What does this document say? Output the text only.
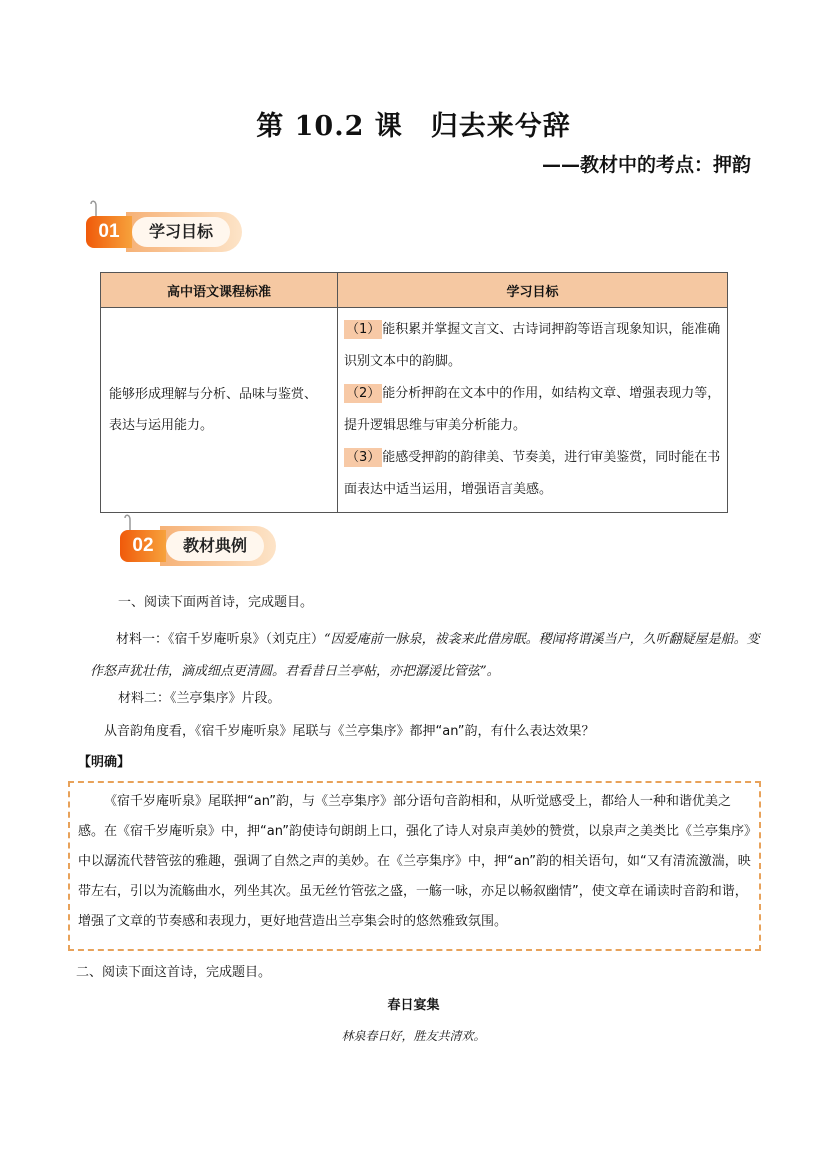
第 10.2 课　归去来兮辞
——教材中的考点：押韵
学习目标
01
高中语文课程标准	学习目标
能够形成理解与分析、品味与鉴赏、表达与运用能力。	（1） 能积累并掌握文言文、古诗词押韵等语言现象知识，能准确识别文本中的韵脚。
（2） 能分析押韵在文本中的作用，如结构文章、增强表现力等，提升逻辑思维与审美分析能力。
（3） 能感受押韵的韵律美、节奏美，进行审美鉴赏，同时能在书面表达中适当运用，增强语言美感。
教材典例
02
一、阅读下面两首诗，完成题目。
材料一：《宿千岁庵听泉》（刘克庄）“因爱庵前一脉泉，祓衾来此借房眠。稷闻将谓溪当户，久听翻疑屋是船。变作怒声犹壮伟，滴成细点更清圆。君看昔日兰亭帖，亦把潺湲比管弦”。
材料二：《兰亭集序》片段。
从音韵角度看，《宿千岁庵听泉》尾联与《兰亭集序》都押“an”韵，有什么表达效果？
【明确】
《宿千岁庵听泉》尾联押“an”韵，与《兰亭集序》部分语句音韵相和，从听觉感受上，都给人一种和谐优美之感。在《宿千岁庵听泉》中，押“an”韵使诗句朗朗上口，强化了诗人对泉声美妙的赞赏，以泉声之美类比《兰亭集序》中以潺流代替管弦的雅趣，强调了自然之声的美妙。在《兰亭集序》中，押“an”韵的相关语句，如“又有清流激湍，映带左右，引以为流觞曲水，列坐其次。虽无丝竹管弦之盛，一觞一咏，亦足以畅叙幽情”，使文章在诵读时音韵和谐，增强了文章的节奏感和表现力，更好地营造出兰亭集会时的悠然雅致氛围。
二、阅读下面这首诗，完成题目。
春日宴集
林泉春日好，胜友共清欢。
